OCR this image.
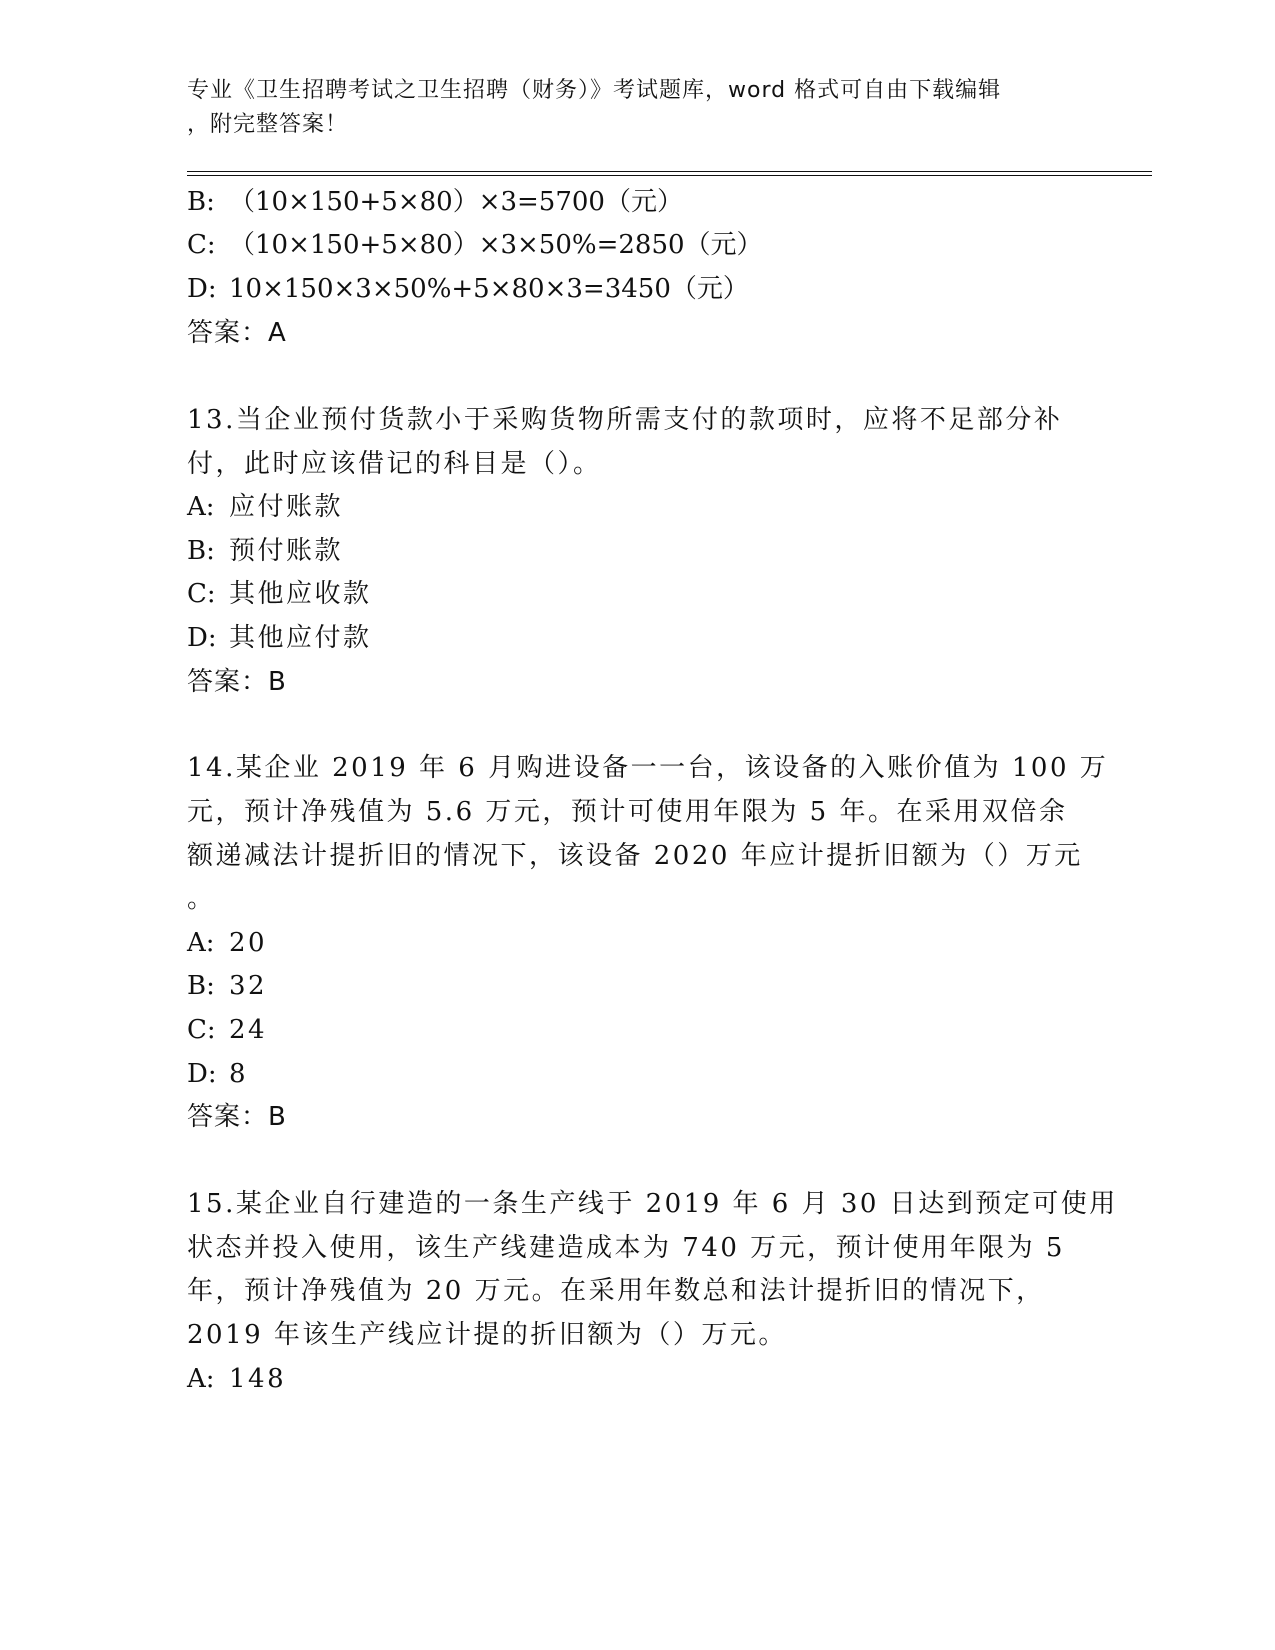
专业《卫生招聘考试之卫生招聘（财务）》考试题库，word 格式可自由下载编辑
，附完整答案！
B: （10×150+5×80）×3=5700（元）
C: （10×150+5×80）×3×50%=2850（元）
D: 10×150×3×50%+5×80×3=3450（元）
答案：A
13.当企业预付货款小于采购货物所需支付的款项时，应将不足部分补
付，此时应该借记的科目是（）。
A: 应付账款
B: 预付账款
C: 其他应收款
D: 其他应付款
答案：B
14.某企业 2019 年 6 月购进设备一一台，该设备的入账价值为 100 万
元，预计净残值为 5.6 万元，预计可使用年限为 5 年。在采用双倍余
额递减法计提折旧的情况下，该设备 2020 年应计提折旧额为（）万元
。
A: 20
B: 32
C: 24
D: 8
答案：B
15.某企业自行建造的一条生产线于 2019 年 6 月 30 日达到预定可使用
状态并投入使用，该生产线建造成本为 740 万元，预计使用年限为 5
年，预计净残值为 20 万元。在采用年数总和法计提折旧的情况下，
2019 年该生产线应计提的折旧额为（）万元。
A: 148
